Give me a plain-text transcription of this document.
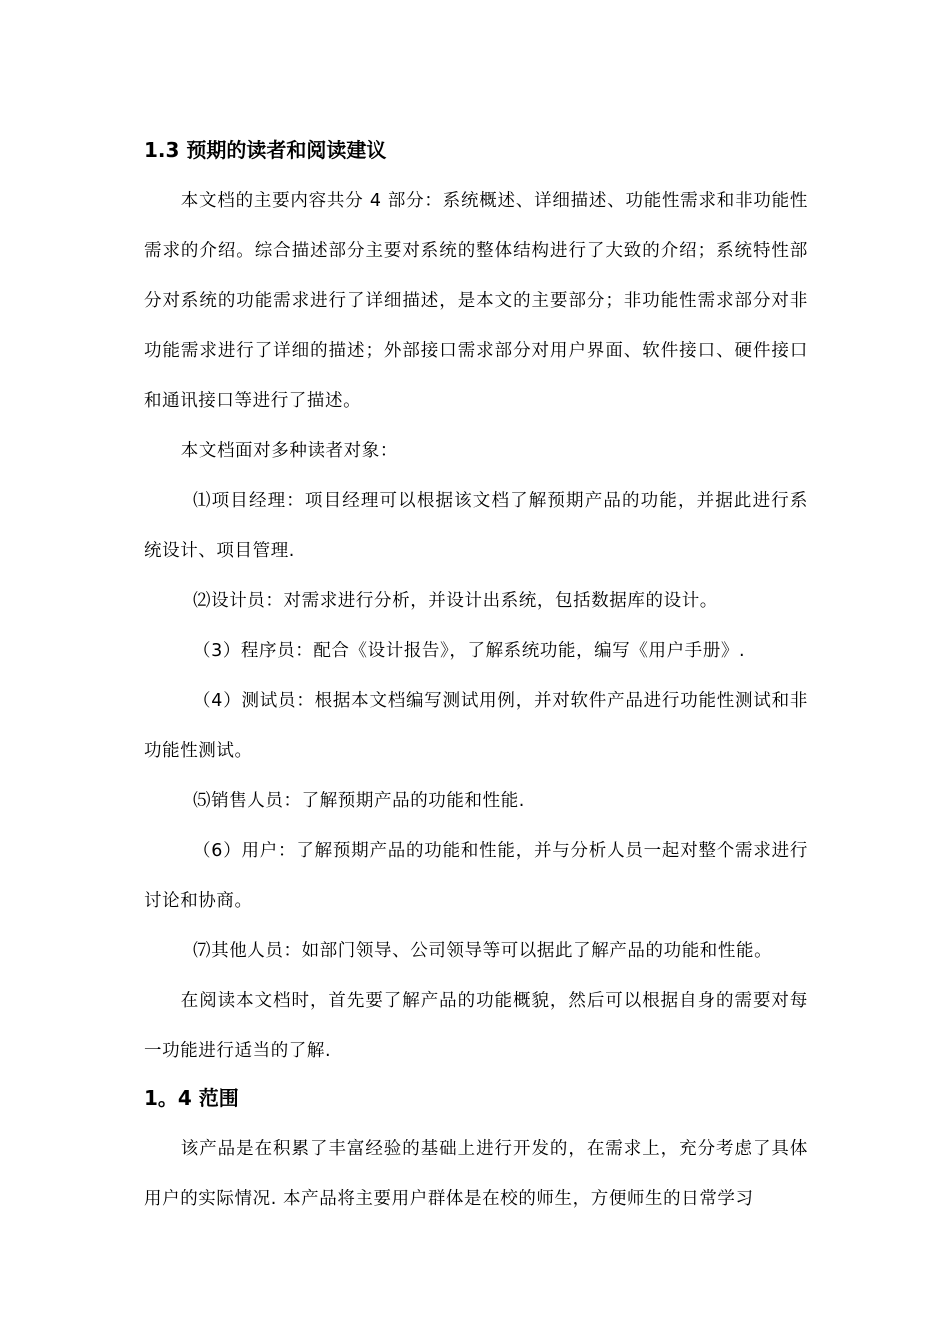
1.3 预期的读者和阅读建议

本文档的主要内容共分 4 部分：系统概述、详细描述、功能性需求和非功能性需求的介绍。综合描述部分主要对系统的整体结构进行了大致的介绍；系统特性部分对系统的功能需求进行了详细描述，是本文的主要部分；非功能性需求部分对非功能需求进行了详细的描述；外部接口需求部分对用户界面、软件接口、硬件接口和通讯接口等进行了描述。

本文档面对多种读者对象：

⑴项目经理：项目经理可以根据该文档了解预期产品的功能，并据此进行系统设计、项目管理.

⑵设计员：对需求进行分析，并设计出系统，包括数据库的设计。

（3）程序员：配合《设计报告》，了解系统功能，编写《用户手册》.

（4）测试员：根据本文档编写测试用例，并对软件产品进行功能性测试和非功能性测试。

⑸销售人员：了解预期产品的功能和性能.

（6）用户：了解预期产品的功能和性能，并与分析人员一起对整个需求进行讨论和协商。

⑺其他人员：如部门领导、公司领导等可以据此了解产品的功能和性能。

在阅读本文档时，首先要了解产品的功能概貌，然后可以根据自身的需要对每一功能进行适当的了解.

1。4 范围

该产品是在积累了丰富经验的基础上进行开发的，在需求上，充分考虑了具体用户的实际情况. 本产品将主要用户群体是在校的师生，方便师生的日常学习
